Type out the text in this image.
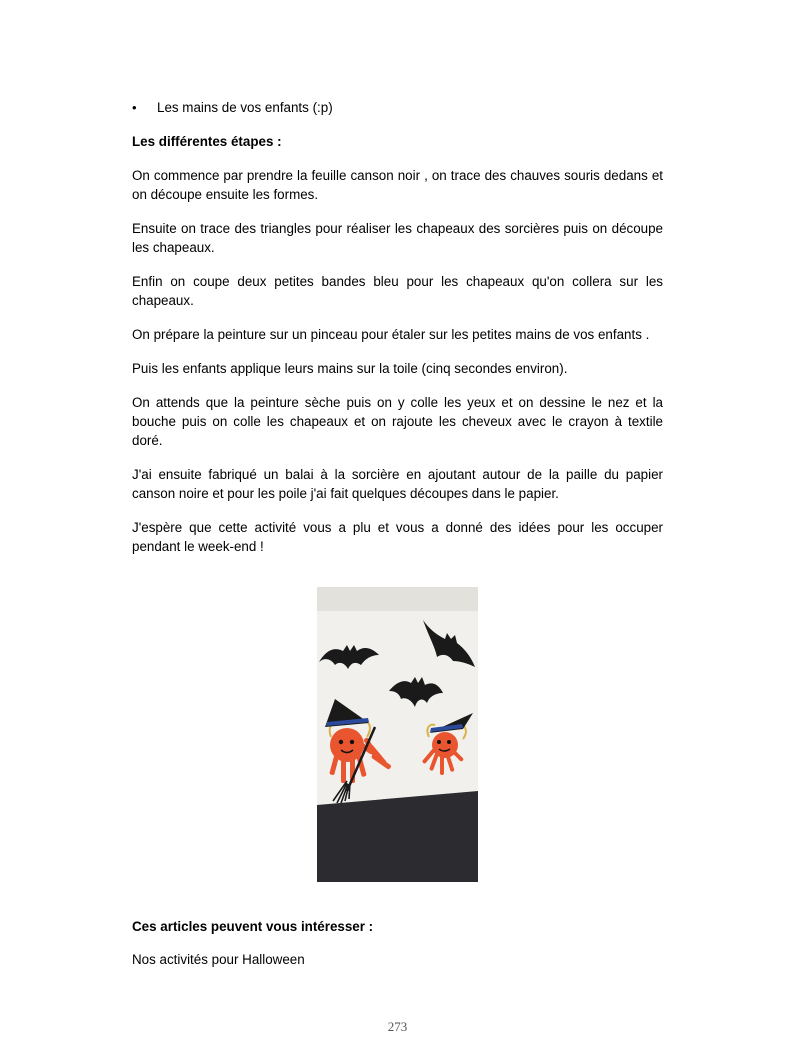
• Les mains de vos enfants (:p)
Les différentes étapes :

On commence par prendre la feuille canson noir , on trace des chauves souris dedans et on découpe ensuite les formes.

Ensuite on trace des triangles pour réaliser les chapeaux des sorcières puis on découpe les chapeaux.

Enfin on coupe deux petites bandes bleu pour les chapeaux qu'on collera sur les chapeaux.

On prépare la peinture sur un pinceau pour étaler sur les petites mains de vos enfants .

Puis les enfants applique leurs mains sur la toile (cinq secondes environ).

On attends que la peinture sèche puis on y colle les yeux et on dessine le nez et la bouche puis on colle les chapeaux et on rajoute les cheveux avec le crayon à textile doré.

J'ai ensuite fabriqué un balai à la sorcière en ajoutant autour de la paille du papier canson noire et pour les poile j'ai fait quelques découpes dans le papier.

J'espère que cette activité vous a plu et vous a donné des idées pour les occuper pendant le week-end !

Ces articles peuvent vous intéresser :
Nos activités pour Halloween
273
